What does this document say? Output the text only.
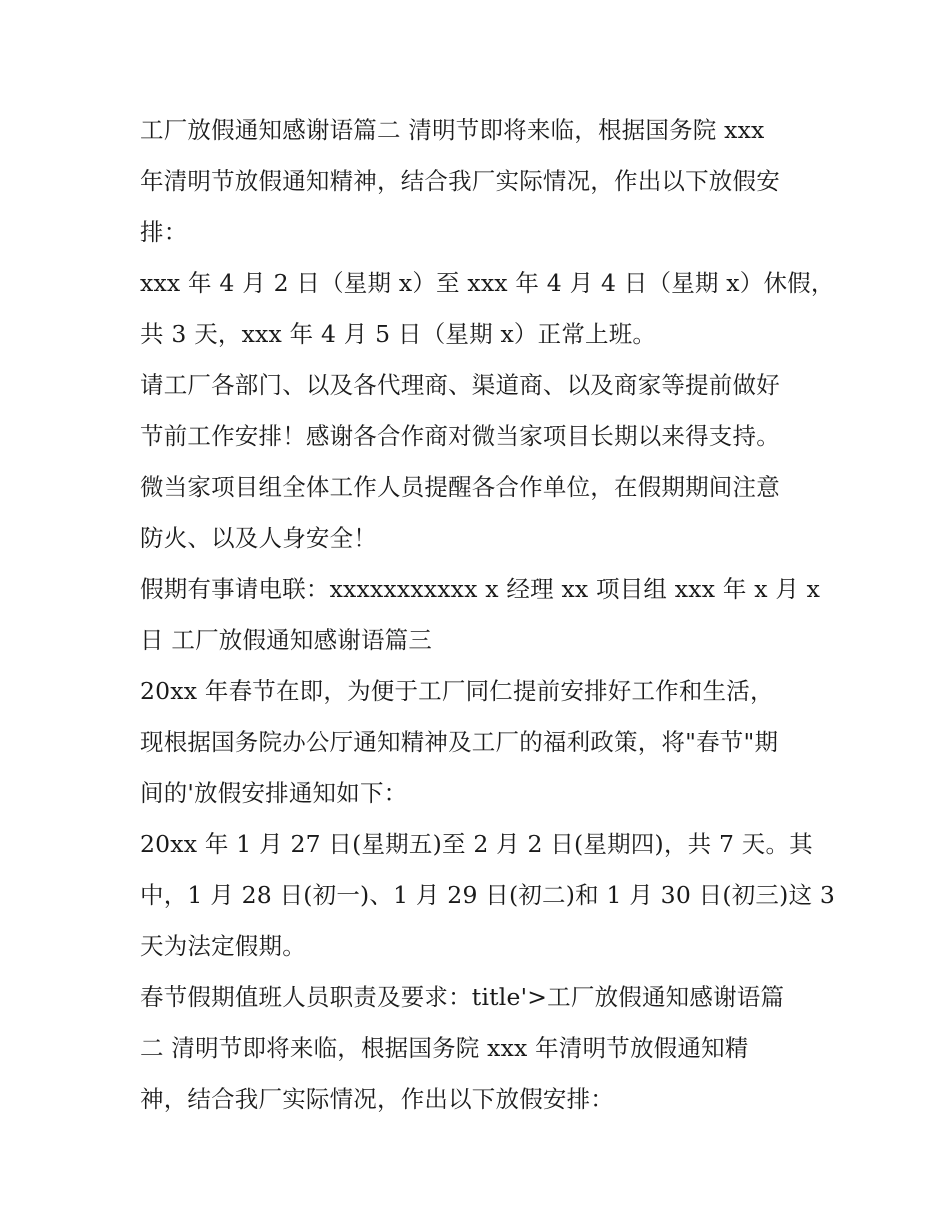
工厂放假通知感谢语篇二 清明节即将来临，根据国务院 xxx
年清明节放假通知精神，结合我厂实际情况，作出以下放假安
排：
xxx 年 4 月 2 日（星期 x）至 xxx 年 4 月 4 日（星期 x）休假，
共 3 天，xxx 年 4 月 5 日（星期 x）正常上班。
请工厂各部门、以及各代理商、渠道商、以及商家等提前做好
节前工作安排！感谢各合作商对微当家项目长期以来得支持。
微当家项目组全体工作人员提醒各合作单位，在假期期间注意
防火、以及人身安全！
假期有事请电联：xxxxxxxxxxx x 经理 xx 项目组 xxx 年 x 月 x
日 工厂放假通知感谢语篇三
20xx 年春节在即，为便于工厂同仁提前安排好工作和生活，
现根据国务院办公厅通知精神及工厂的福利政策，将"春节"期
间的'放假安排通知如下：
20xx 年 1 月 27 日(星期五)至 2 月 2 日(星期四)，共 7 天。其
中，1 月 28 日(初一)、1 月 29 日(初二)和 1 月 30 日(初三)这 3
天为法定假期。
春节假期值班人员职责及要求：title'>工厂放假通知感谢语篇
二 清明节即将来临，根据国务院 xxx 年清明节放假通知精
神，结合我厂实际情况，作出以下放假安排：
